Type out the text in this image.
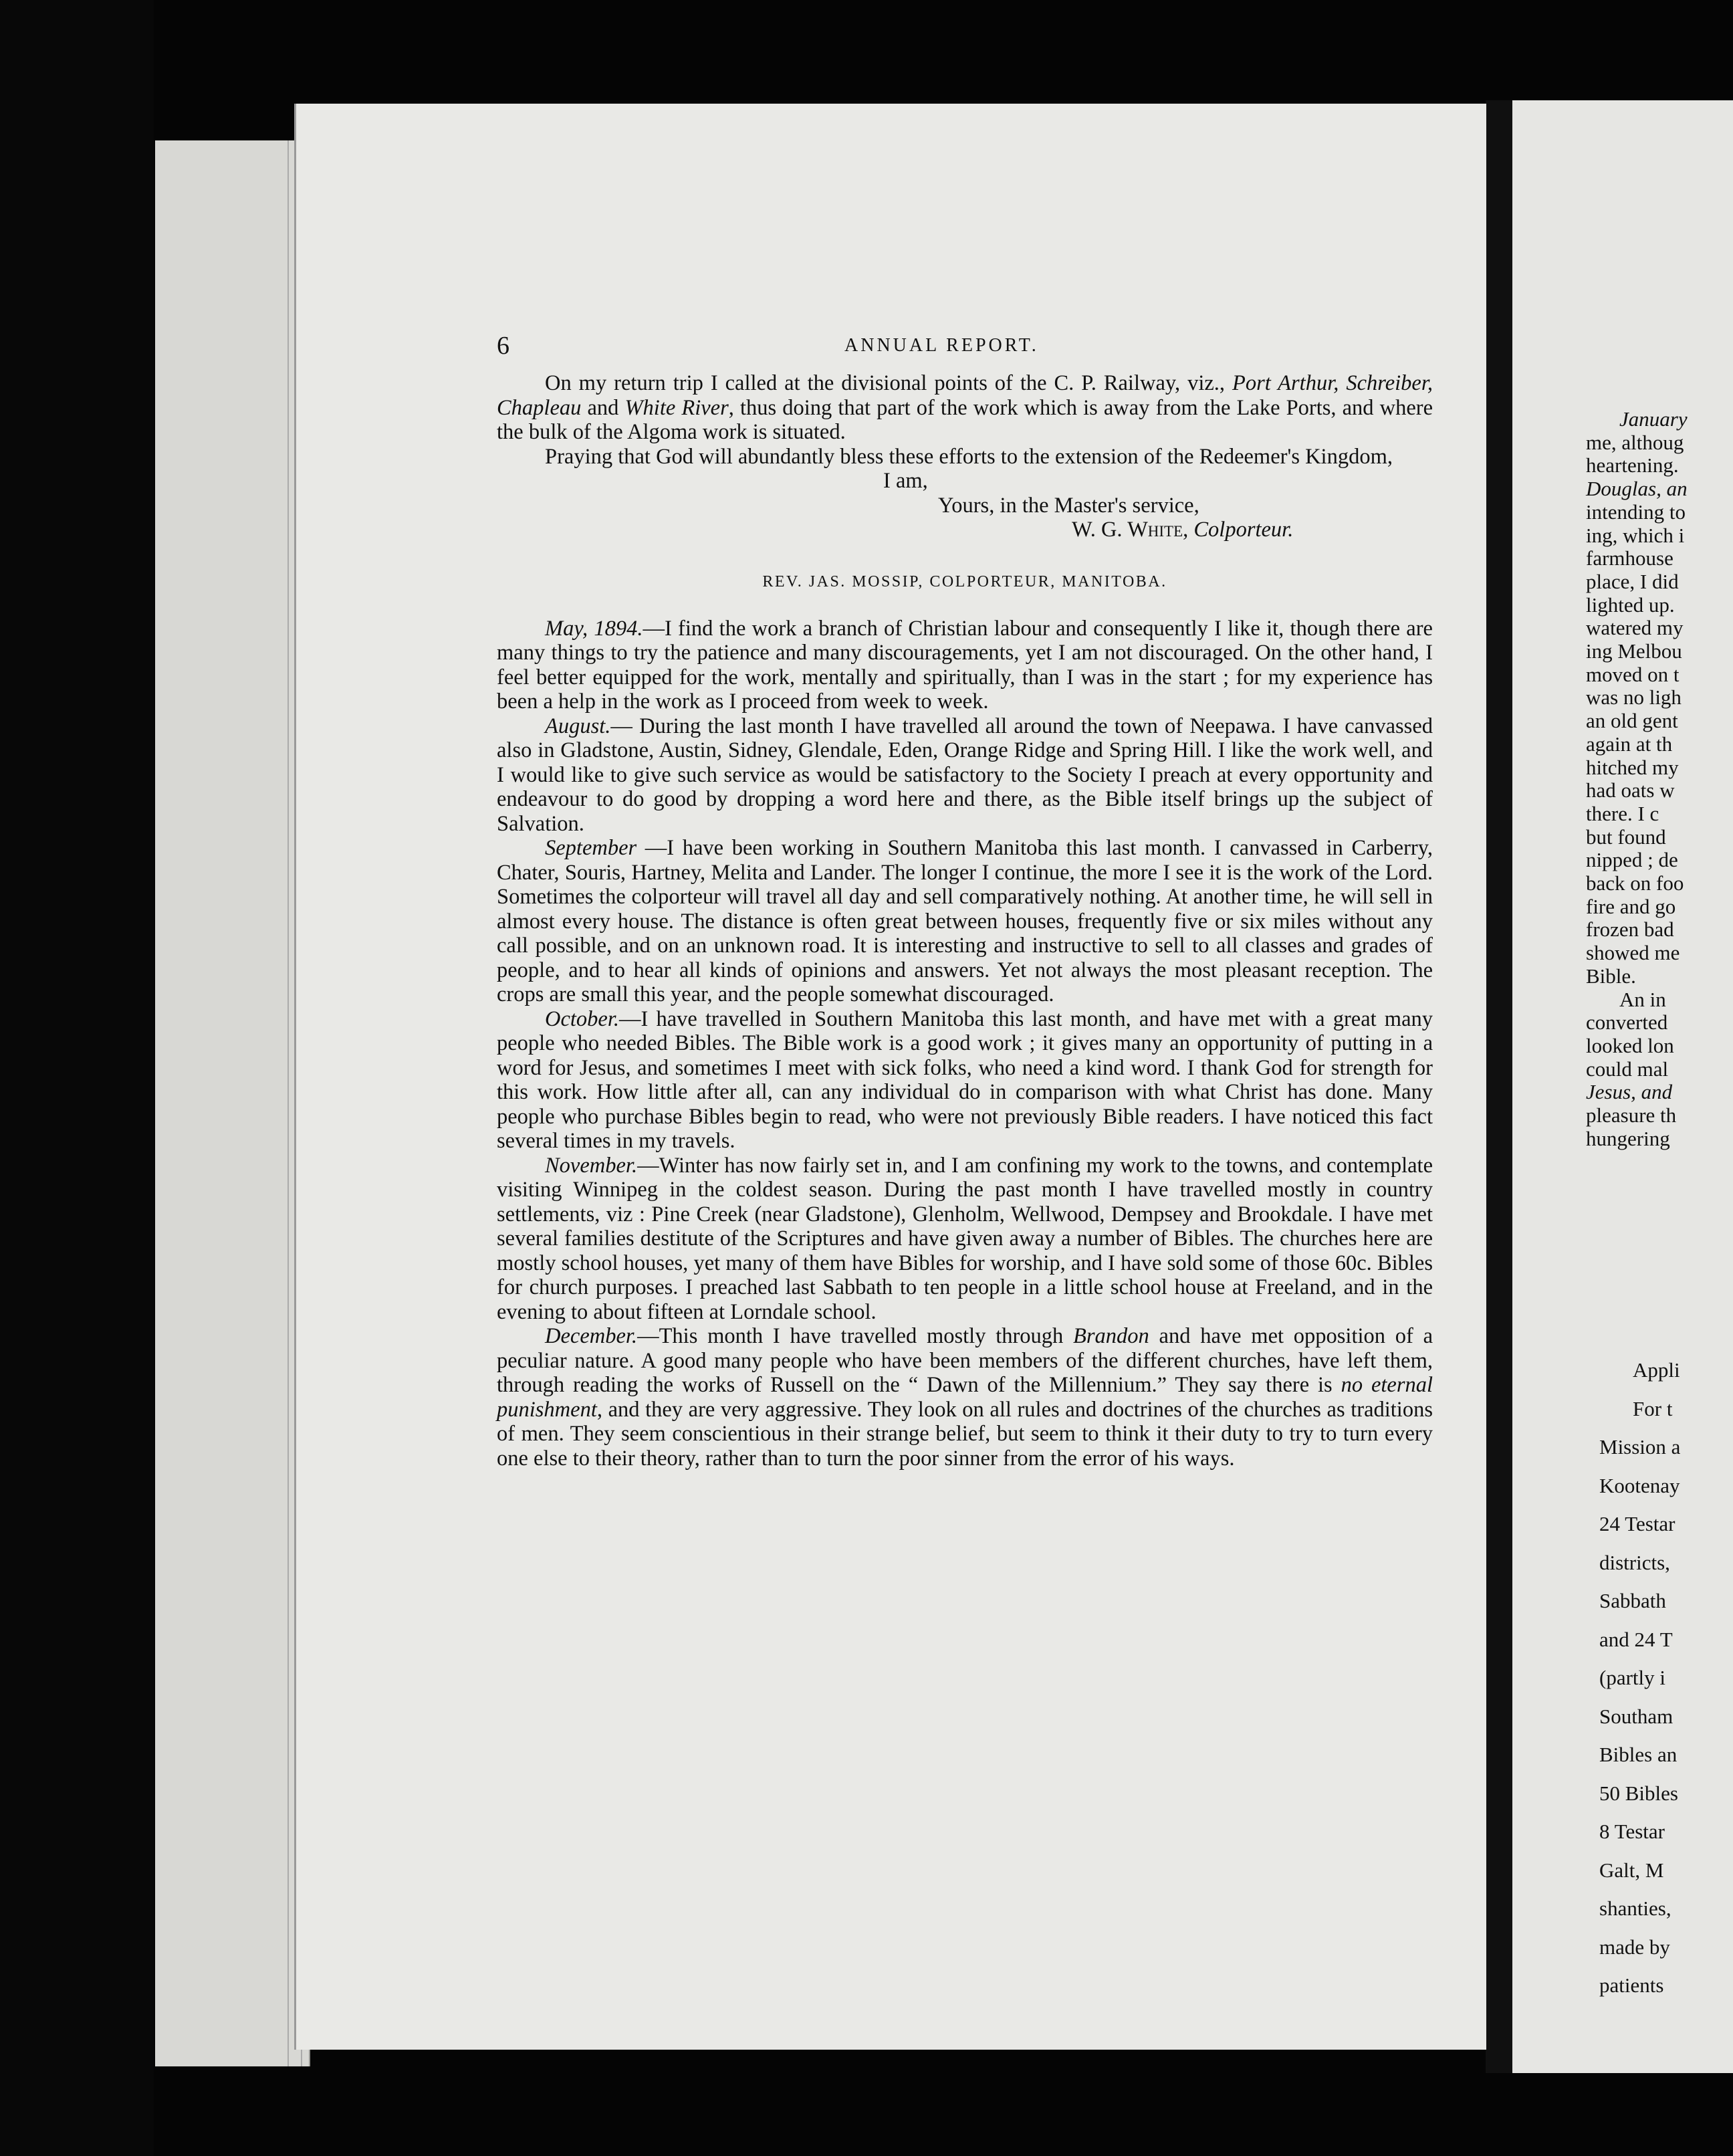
6	ANNUAL REPORT.

On my return trip I called at the divisional points of the C. P. Railway, viz., Port Arthur, Schreiber, Chapleau and White River, thus doing that part of the work which is away from the Lake Ports, and where the bulk of the Algoma work is situated.

Praying that God will abundantly bless these efforts to the extension of the Redeemer's Kingdom,

I am,
Yours, in the Master's service,
W. G. White, Colporteur.
REV. JAS. MOSSIP, COLPORTEUR, MANITOBA.

May, 1894.—I find the work a branch of Christian labour and consequently I like it, though there are many things to try the patience and many discouragements, yet I am not discouraged. On the other hand, I feel better equipped for the work, mentally and spiritually, than I was in the start ; for my experience has been a help in the work as I proceed from week to week.

August.— During the last month I have travelled all around the town of Neepawa. I have canvassed also in Gladstone, Austin, Sidney, Glendale, Eden, Orange Ridge and Spring Hill. I like the work well, and I would like to give such service as would be satisfactory to the Society I preach at every opportunity and endeavour to do good by dropping a word here and there, as the Bible itself brings up the subject of Salvation.

September —I have been working in Southern Manitoba this last month. I canvassed in Carberry, Chater, Souris, Hartney, Melita and Lander. The longer I continue, the more I see it is the work of the Lord. Sometimes the colporteur will travel all day and sell comparatively nothing. At another time, he will sell in almost every house. The distance is often great between houses, frequently five or six miles without any call possible, and on an unknown road. It is interesting and instructive to sell to all classes and grades of people, and to hear all kinds of opinions and answers. Yet not always the most pleasant reception. The crops are small this year, and the people somewhat discouraged.

October.—I have travelled in Southern Manitoba this last month, and have met with a great many people who needed Bibles. The Bible work is a good work ; it gives many an opportunity of putting in a word for Jesus, and sometimes I meet with sick folks, who need a kind word. I thank God for strength for this work. How little after all, can any individual do in comparison with what Christ has done. Many people who purchase Bibles begin to read, who were not previously Bible readers. I have noticed this fact several times in my travels.

November.—Winter has now fairly set in, and I am confining my work to the towns, and contemplate visiting Winnipeg in the coldest season. During the past month I have travelled mostly in country settlements, viz : Pine Creek (near Gladstone), Glenholm, Wellwood, Dempsey and Brookdale. I have met several families destitute of the Scriptures and have given away a number of Bibles. The churches here are mostly school houses, yet many of them have Bibles for worship, and I have sold some of those 60c. Bibles for church purposes. I preached last Sabbath to ten people in a little school house at Freeland, and in the evening to about fifteen at Lorndale school.

December.—This month I have travelled mostly through Brandon and have met opposition of a peculiar nature. A good many people who have been members of the different churches, have left them, through reading the works of Russell on the “ Dawn of the Millennium.” They say there is no eternal punishment, and they are very aggressive. They look on all rules and doctrines of the churches as traditions of men. They seem conscientious in their strange belief, but seem to think it their duty to try to turn every one else to their theory, rather than to turn the poor sinner from the error of his ways.

January
me, althoug
heartening.
Douglas, an
intending to
ing, which i
farmhouse
place, I did
lighted up.
watered my
ing Melbou
moved on t
was no ligh
an old gent
again at th
hitched my
had oats w
there. I c
but found
nipped ; de
back on foo
fire and go
frozen bad
showed me
Bible.
An in
converted
looked lon
could mal
Jesus, and
pleasure th
hungering
Appli
For t
Mission a
Kootenay
24 Testar
districts,
Sabbath
and 24 T
(partly i
Southam
Bibles an
50 Bibles
8 Testar
Galt, M
shanties,
made by
patients
